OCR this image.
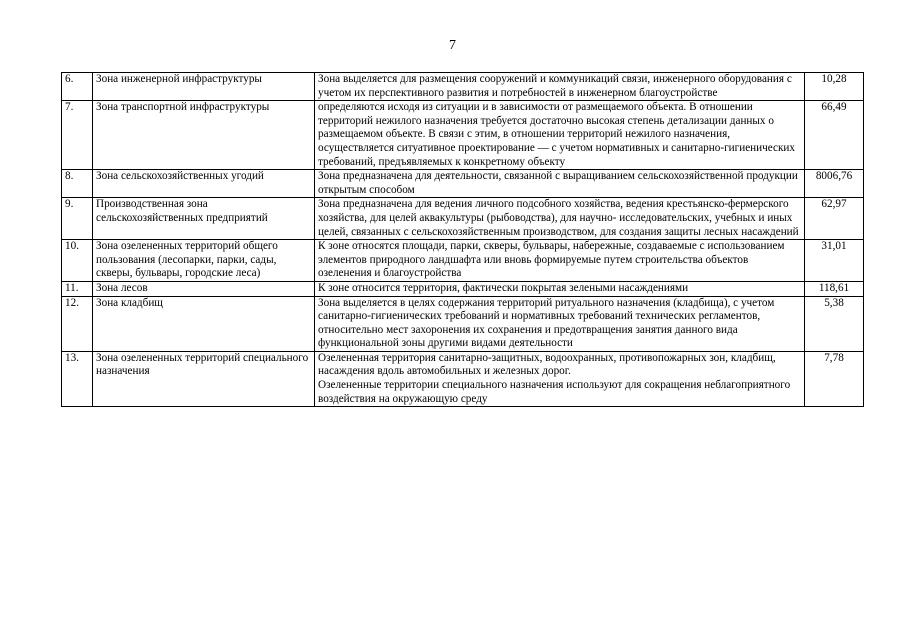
7
6.	Зона инженерной инфраструктуры	Зона выделяется для размещения сооружений и коммуникаций связи, инженерного оборудования с учетом их перспективного развития и потребностей в инженерном благоустройстве	10,28
7.	Зона транспортной инфраструктуры	определяются исходя из ситуации и в зависимости от размещаемого объекта. В отношении территорий нежилого назначения требуется достаточно высокая степень детализации данных о размещаемом объекте. В связи с этим, в отношении территорий нежилого назначения, осуществляется ситуативное проектирование — с учетом нормативных и санитарно-гигиенических требований, предъявляемых к конкретному объекту	66,49
8.	Зона сельскохозяйственных угодий	Зона предназначена для деятельности, связанной с выращиванием сельскохозяйственной продукции открытым способом	8006,76
9.	Производственная зона сельскохозяйственных предприятий	Зона предназначена для ведения личного подсобного хозяйства, ведения крестьянско-фермерского хозяйства, для целей аквакультуры (рыбоводства), для научно- исследовательских, учебных и иных целей, связанных с сельскохозяйственным производством, для создания защиты лесных насаждений	62,97
10.	Зона озелененных территорий общего пользования (лесопарки, парки, сады, скверы, бульвары, городские леса)	К зоне относятся площади, парки, скверы, бульвары, набережные, создаваемые с использованием элементов природного ландшафта или вновь формируемые путем строительства объектов озеленения и благоустройства	31,01
11.	Зона лесов	К зоне относится территория, фактически покрытая зелеными насаждениями	118,61
12.	Зона кладбищ	Зона выделяется в целях содержания территорий ритуального назначения (кладбища), с учетом санитарно-гигиенических требований и нормативных требований технических регламентов, относительно мест захоронения их сохранения и предотвращения занятия данного вида функциональной зоны другими видами деятельности	5,38
13.	Зона озелененных территорий специального назначения	Озелененная территория санитарно-защитных, водоохранных, противопожарных зон, кладбищ, насаждения вдоль автомобильных и железных дорог.
Озелененные территории специального назначения используют для сокращения неблагоприятного воздействия на окружающую среду	7,78
